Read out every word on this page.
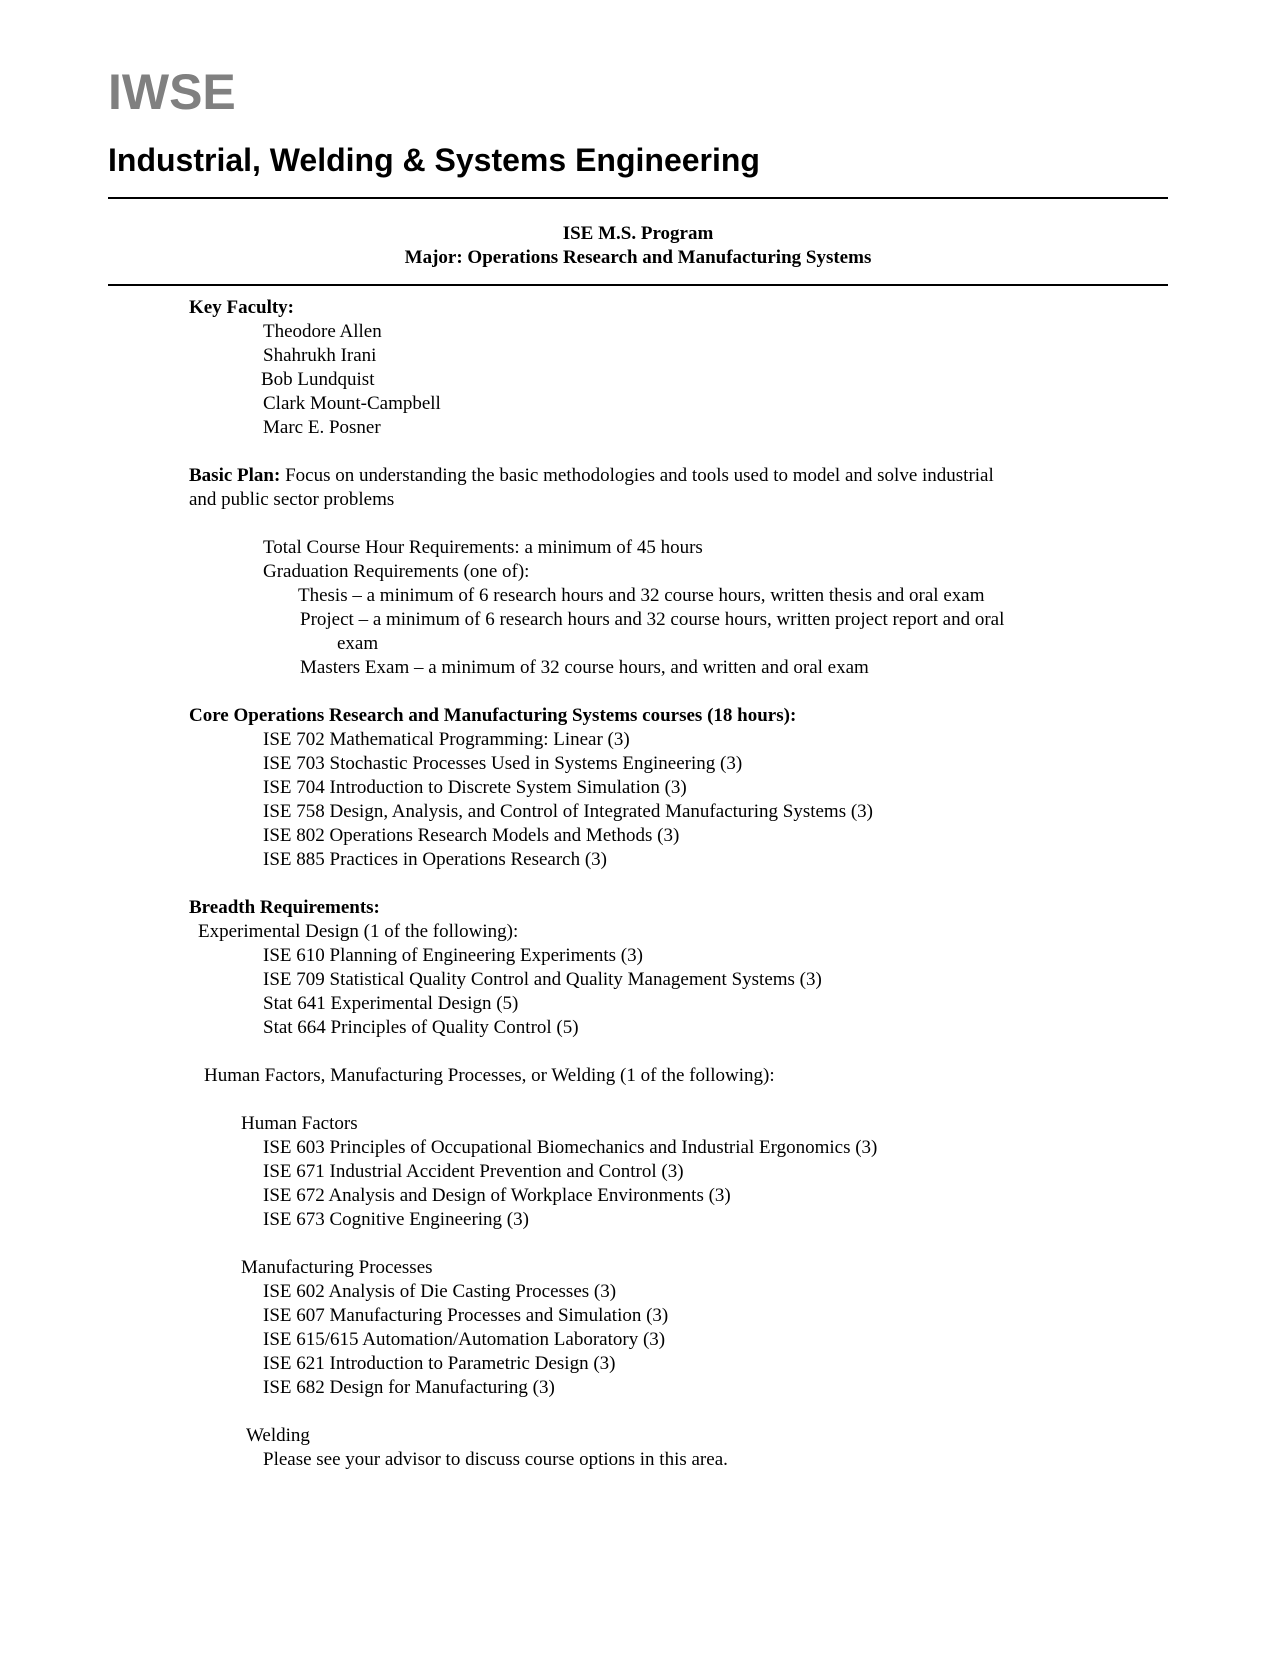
IWSE
Industrial, Welding & Systems Engineering
ISE M.S. Program
Major: Operations Research and Manufacturing Systems

Key Faculty:

Theodore Allen

Shahrukh Irani

Bob Lundquist

Clark Mount-Campbell

Marc E. Posner

Basic Plan: Focus on understanding the basic methodologies and tools used to model and solve industrial

and public sector problems

Total Course Hour Requirements: a minimum of 45 hours

Graduation Requirements (one of):

Thesis – a minimum of 6 research hours and 32 course hours, written thesis and oral exam

Project – a minimum of 6 research hours and 32 course hours, written project report and oral

exam

Masters Exam – a minimum of 32 course hours, and written and oral exam

Core Operations Research and Manufacturing Systems courses (18 hours):

ISE 702 Mathematical Programming: Linear (3)

ISE 703 Stochastic Processes Used in Systems Engineering (3)

ISE 704 Introduction to Discrete System Simulation (3)

ISE 758 Design, Analysis, and Control of Integrated Manufacturing Systems (3)

ISE 802 Operations Research Models and Methods (3)

ISE 885 Practices in Operations Research (3)

Breadth Requirements:

Experimental Design (1 of the following):

ISE 610 Planning of Engineering Experiments (3)

ISE 709 Statistical Quality Control and Quality Management Systems (3)

Stat 641 Experimental Design (5)

Stat 664 Principles of Quality Control (5)

Human Factors, Manufacturing Processes, or Welding (1 of the following):

Human Factors

ISE 603 Principles of Occupational Biomechanics and Industrial Ergonomics (3)

ISE 671 Industrial Accident Prevention and Control (3)

ISE 672 Analysis and Design of Workplace Environments (3)

ISE 673 Cognitive Engineering (3)

Manufacturing Processes

ISE 602 Analysis of Die Casting Processes (3)

ISE 607 Manufacturing Processes and Simulation (3)

ISE 615/615 Automation/Automation Laboratory (3)

ISE 621 Introduction to Parametric Design (3)

ISE 682 Design for Manufacturing (3)

Welding

Please see your advisor to discuss course options in this area.
